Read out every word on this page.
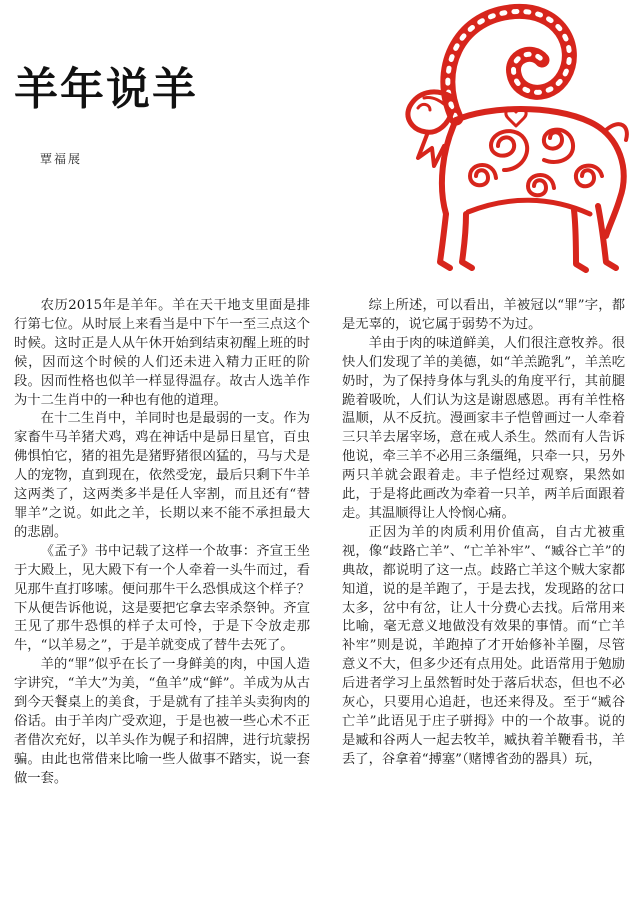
羊年说羊
覃福展

农历2015年是羊年。羊在天干地支里面是排行第七位。从时辰上来看当是中下午一至三点这个时候。这时正是人从午休开始到结束初醒上班的时候，因而这个时候的人们还未进入精力正旺的阶段。因而性格也似羊一样显得温存。故古人选羊作为十二生肖中的一种也有他的道理。

在十二生肖中，羊同时也是最弱的一支。作为家畜牛马羊猪犬鸡，鸡在神话中是昴日星官，百虫佛惧怕它，猪的祖先是猪野猪很凶猛的，马与犬是人的宠物，直到现在，依然受宠，最后只剩下牛羊这两类了，这两类多半是任人宰割，而且还有“替罪羊”之说。如此之羊，长期以来不能不承担最大的悲剧。

《孟子》书中记载了这样一个故事：齐宣王坐于大殿上，见大殿下有一个人牵着一头牛而过，看见那牛直打哆嗦。便问那牛干么恐惧成这个样子？下从便告诉他说，这是要把它拿去宰杀祭钟。齐宣王见了那牛恐惧的样子太可怜，于是下令放走那牛，“以羊易之”，于是羊就变成了替牛去死了。

羊的“罪”似乎在长了一身鲜美的肉，中国人造字讲究，“羊大”为美，“鱼羊”成“鲜”。羊成为从古到今天餐桌上的美食，于是就有了挂羊头卖狗肉的俗话。由于羊肉广受欢迎，于是也被一些心术不正者借次充好，以羊头作为幌子和招牌，进行坑蒙拐骗。由此也常借来比喻一些人做事不踏实，说一套做一套。

综上所述，可以看出，羊被冠以“罪”字，都是无辜的，说它属于弱势不为过。

羊由于肉的味道鲜美，人们很注意牧养。很快人们发现了羊的美德，如“羊羔跪乳”，羊羔吃奶时，为了保持身体与乳头的角度平行，其前腿跪着吸吮，人们认为这是谢恩感恩。再有羊性格温顺，从不反抗。漫画家丰子恺曾画过一人牵着三只羊去屠宰场，意在戒人杀生。然而有人告诉他说，牵三羊不必用三条缰绳，只牵一只，另外两只羊就会跟着走。丰子恺经过观察，果然如此，于是将此画改为牵着一只羊，两羊后面跟着走。其温顺得让人怜悯心痛。

正因为羊的肉质利用价值高，自古尤被重视，像“歧路亡羊”、“亡羊补牢”、“臧谷亡羊”的典故，都说明了这一点。歧路亡羊这个贼大家都知道，说的是羊跑了，于是去找，发现路的岔口太多，岔中有岔，让人十分费心去找。后常用来比喻，毫无意义地做没有效果的事情。而“亡羊补牢”则是说，羊跑掉了才开始修补羊圈，尽管意义不大，但多少还有点用处。此语常用于勉励后进者学习上虽然暂时处于落后状态，但也不必灰心，只要用心追赶，也还来得及。至于“臧谷亡羊”此语见于庄子骈拇》中的一个故事。说的是臧和谷两人一起去牧羊，臧执着羊鞭看书，羊丢了，谷拿着“搏塞”（赌博省劲的器具）玩，
